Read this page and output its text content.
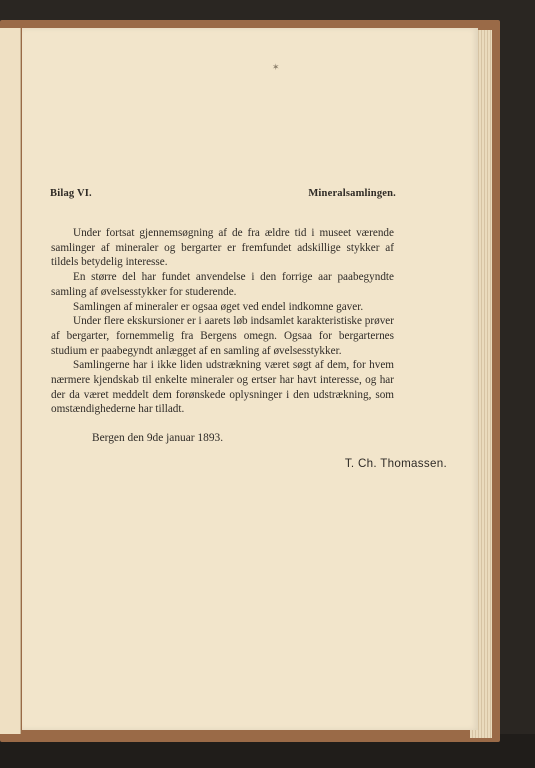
✶
Bilag VI.	Mineralsamlingen.

Under fortsat gjennemsøgning af de fra ældre tid i museet værende samlinger af mineraler og bergarter er fremfundet adskillige stykker af tildels betydelig interesse.

En større del har fundet anvendelse i den forrige aar paabegyndte samling af øvelsesstykker for studerende.

Samlingen af mineraler er ogsaa øget ved endel indkomne gaver.

Under flere ekskursioner er i aarets løb indsamlet karakteristiske prøver af bergarter, fornemmelig fra Bergens omegn. Ogsaa for bergarternes studium er paabegyndt anlægget af en samling af øvelsesstykker.

Samlingerne har i ikke liden udstrækning været søgt af dem, for hvem nærmere kjendskab til enkelte mineraler og ertser har havt interesse, og har der da været meddelt dem forønskede oplysninger i den udstrækning, som omstændighederne har tilladt.

Bergen den 9de januar 1893.
T. Ch. Thomassen.
